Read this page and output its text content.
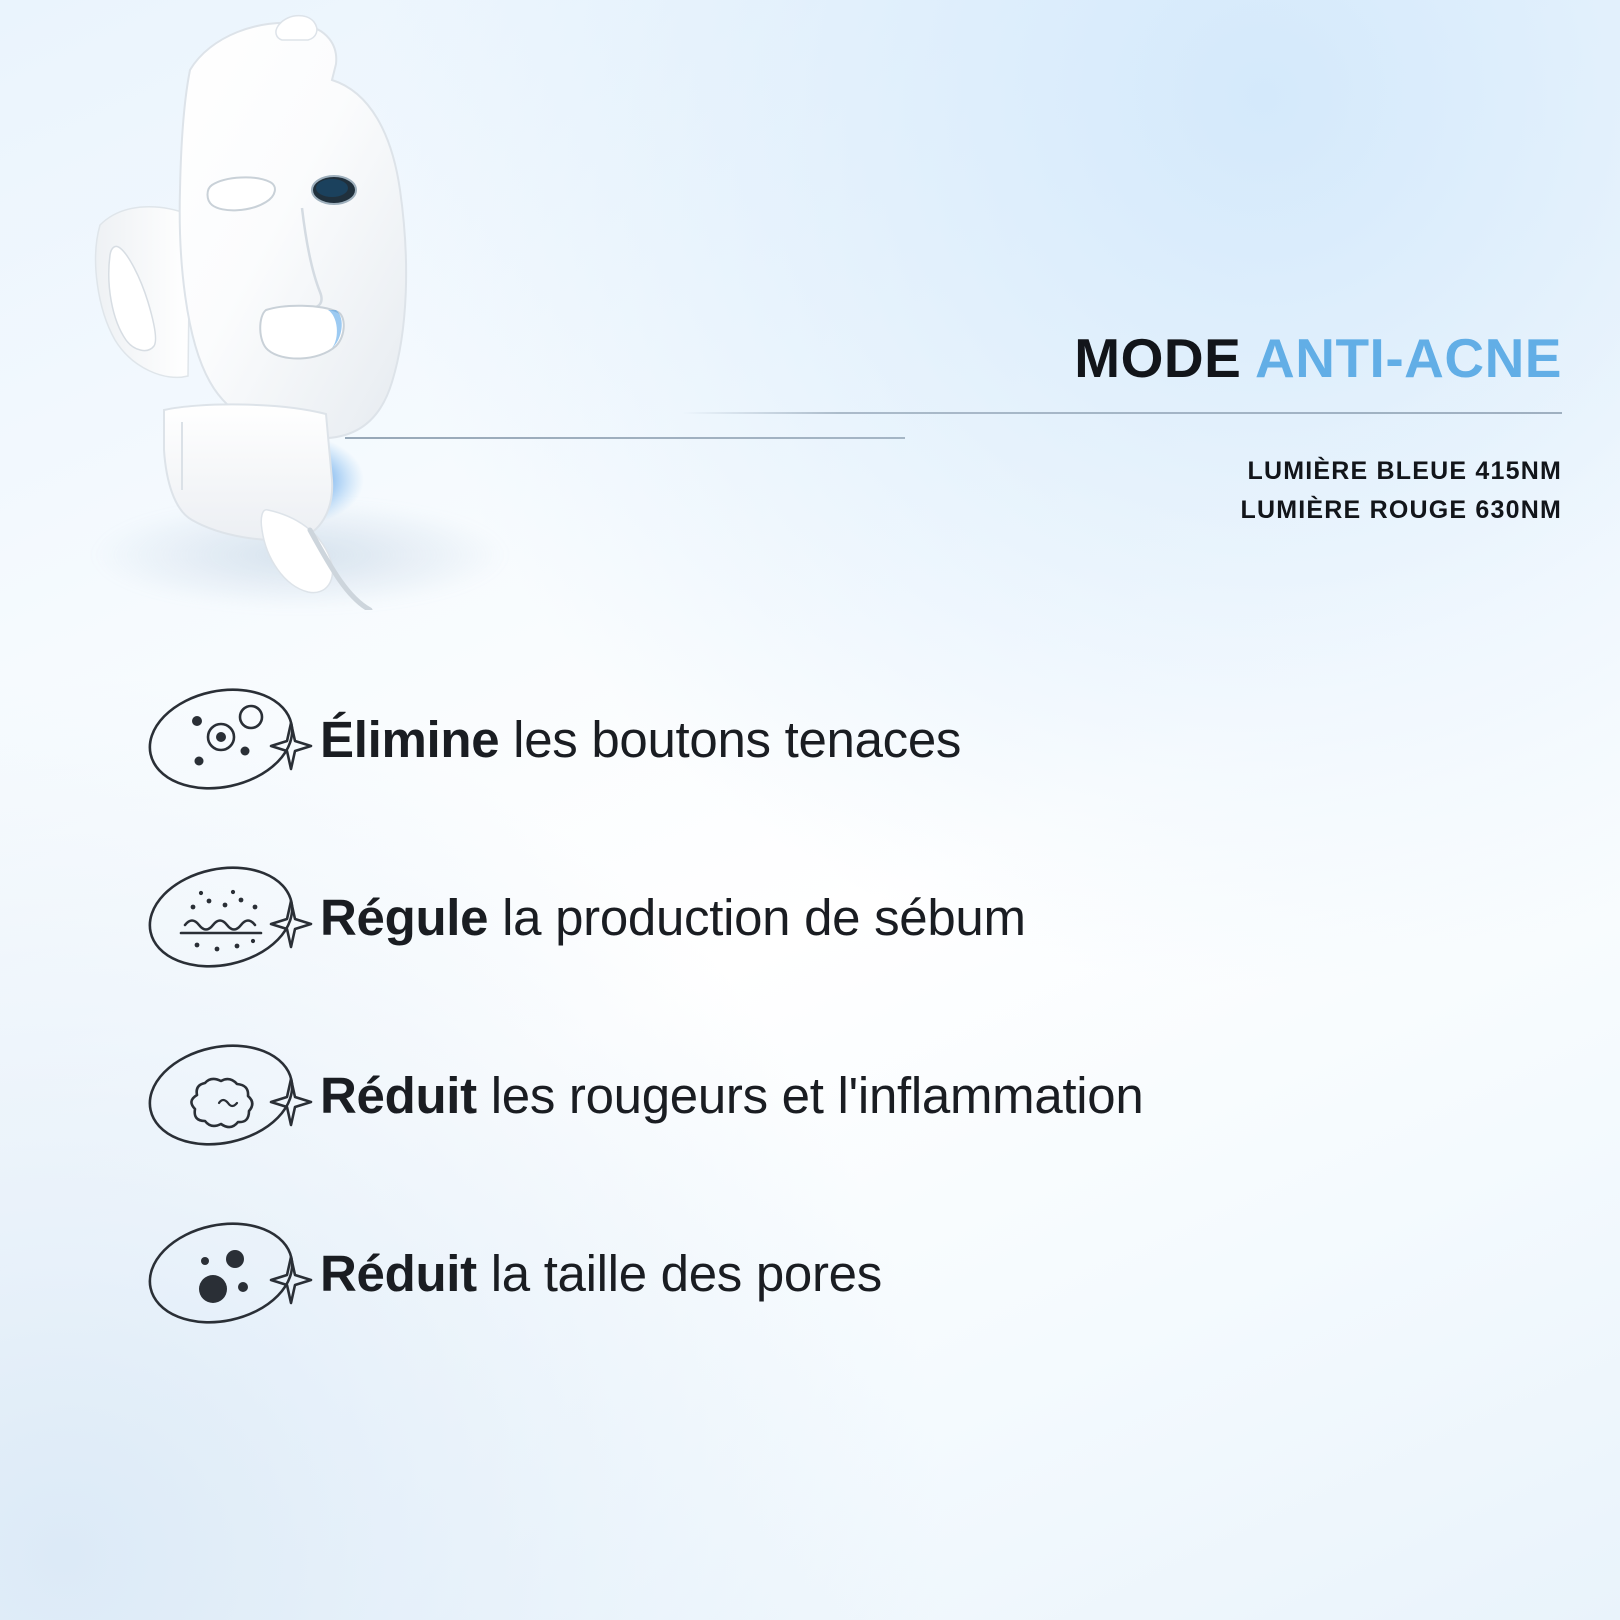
MODE ANTI-ACNE
LUMIÈRE BLEUE 415NM
LUMIÈRE ROUGE 630NM
Élimine les boutons tenaces
Régule la production de sébum
Réduit les rougeurs et l'inflammation
Réduit la taille des pores
